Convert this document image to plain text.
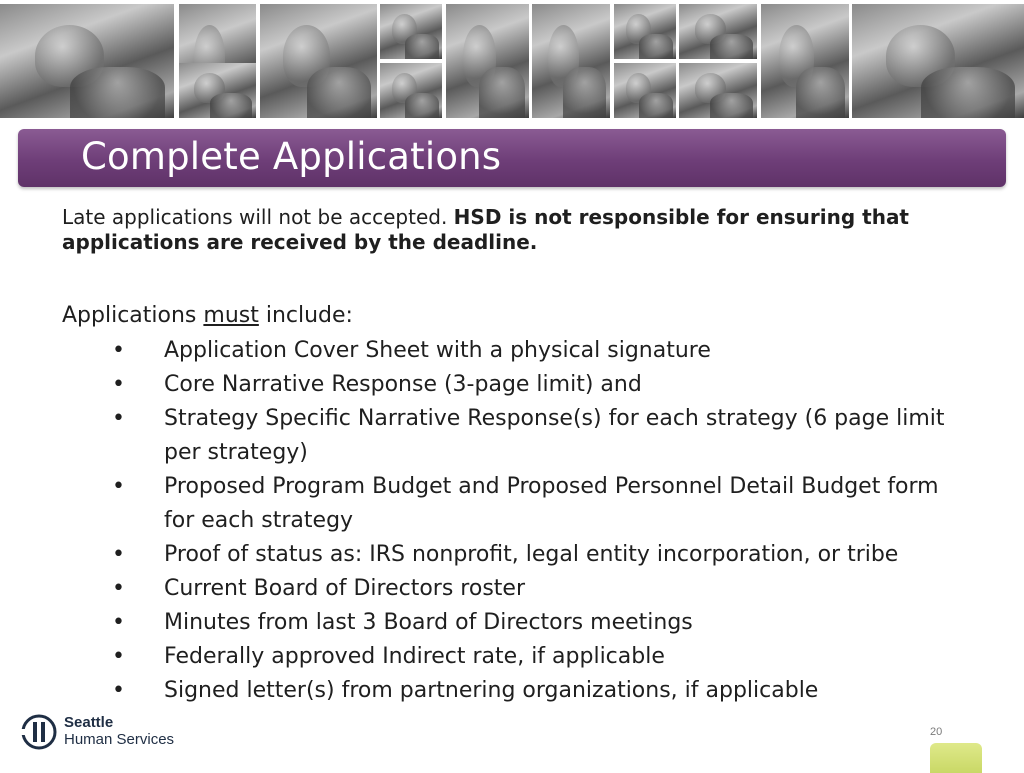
Complete Applications

Late applications will not be accepted. HSD is not responsible for ensuring that applications are received by the deadline.

Applications must include:

•	Application Cover Sheet with a physical signature
•	Core Narrative Response (3-page limit) and
•	Strategy Specific Narrative Response(s) for each strategy (6 page limit per strategy)
•	Proposed Program Budget and Proposed Personnel Detail Budget form for each strategy
•	Proof of status as: IRS nonprofit, legal entity incorporation, or tribe
•	Current Board of Directors roster
•	Minutes from last 3 Board of Directors meetings
•	Federally approved Indirect rate, if applicable
•	Signed letter(s) from partnering organizations, if applicable
Seattle
Human Services	20
